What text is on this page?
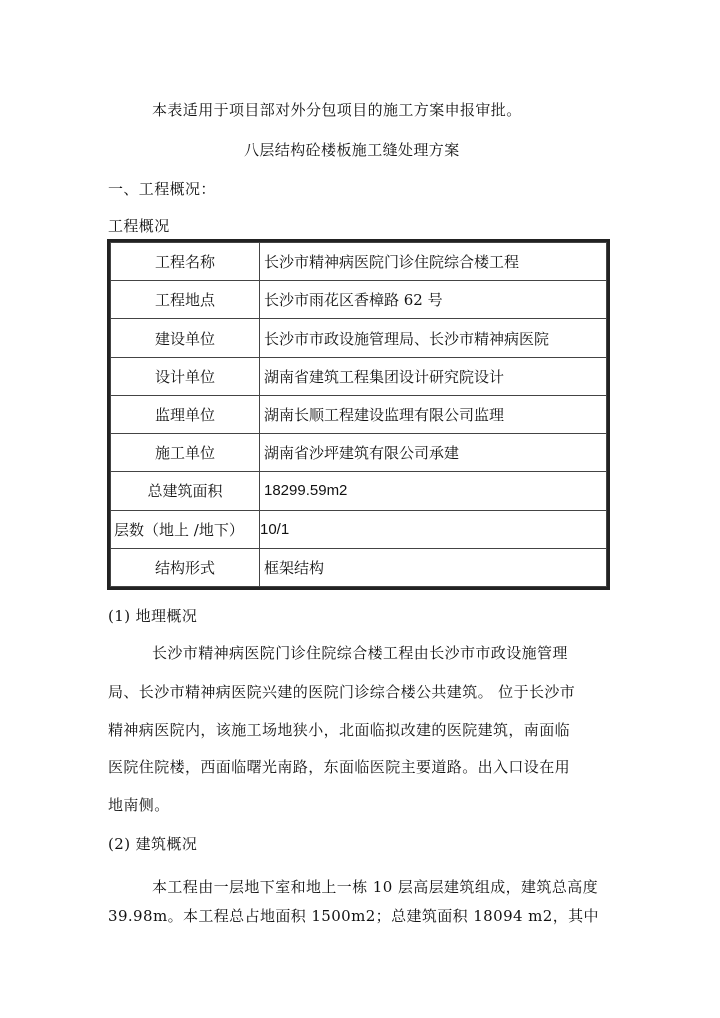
本表适用于项目部对外分包项目的施工方案申报审批。
八层结构砼楼板施工缝处理方案
一、工程概况：
工程概况
工程名称	长沙市精神病医院门诊住院综合楼工程
工程地点	长沙市雨花区香樟路 62 号
建设单位	长沙市市政设施管理局、长沙市精神病医院
设计单位	湖南省建筑工程集团设计研究院设计
监理单位	湖南长顺工程建设监理有限公司监理
施工单位	湖南省沙坪建筑有限公司承建
总建筑面积	18299.59m2
层数（地上 /地下）	10/1
结构形式	框架结构
(1) 地理概况
长沙市精神病医院门诊住院综合楼工程由长沙市市政设施管理
局、长沙市精神病医院兴建的医院门诊综合楼公共建筑。 位于长沙市
精神病医院内，该施工场地狭小，北面临拟改建的医院建筑，南面临
医院住院楼，西面临曙光南路，东面临医院主要道路。出入口设在用
地南侧。
(2) 建筑概况
本工程由一层地下室和地上一栋 10 层高层建筑组成，建筑总高度
39.98m。本工程总占地面积 1500m2；总建筑面积 18094 m2，其中
